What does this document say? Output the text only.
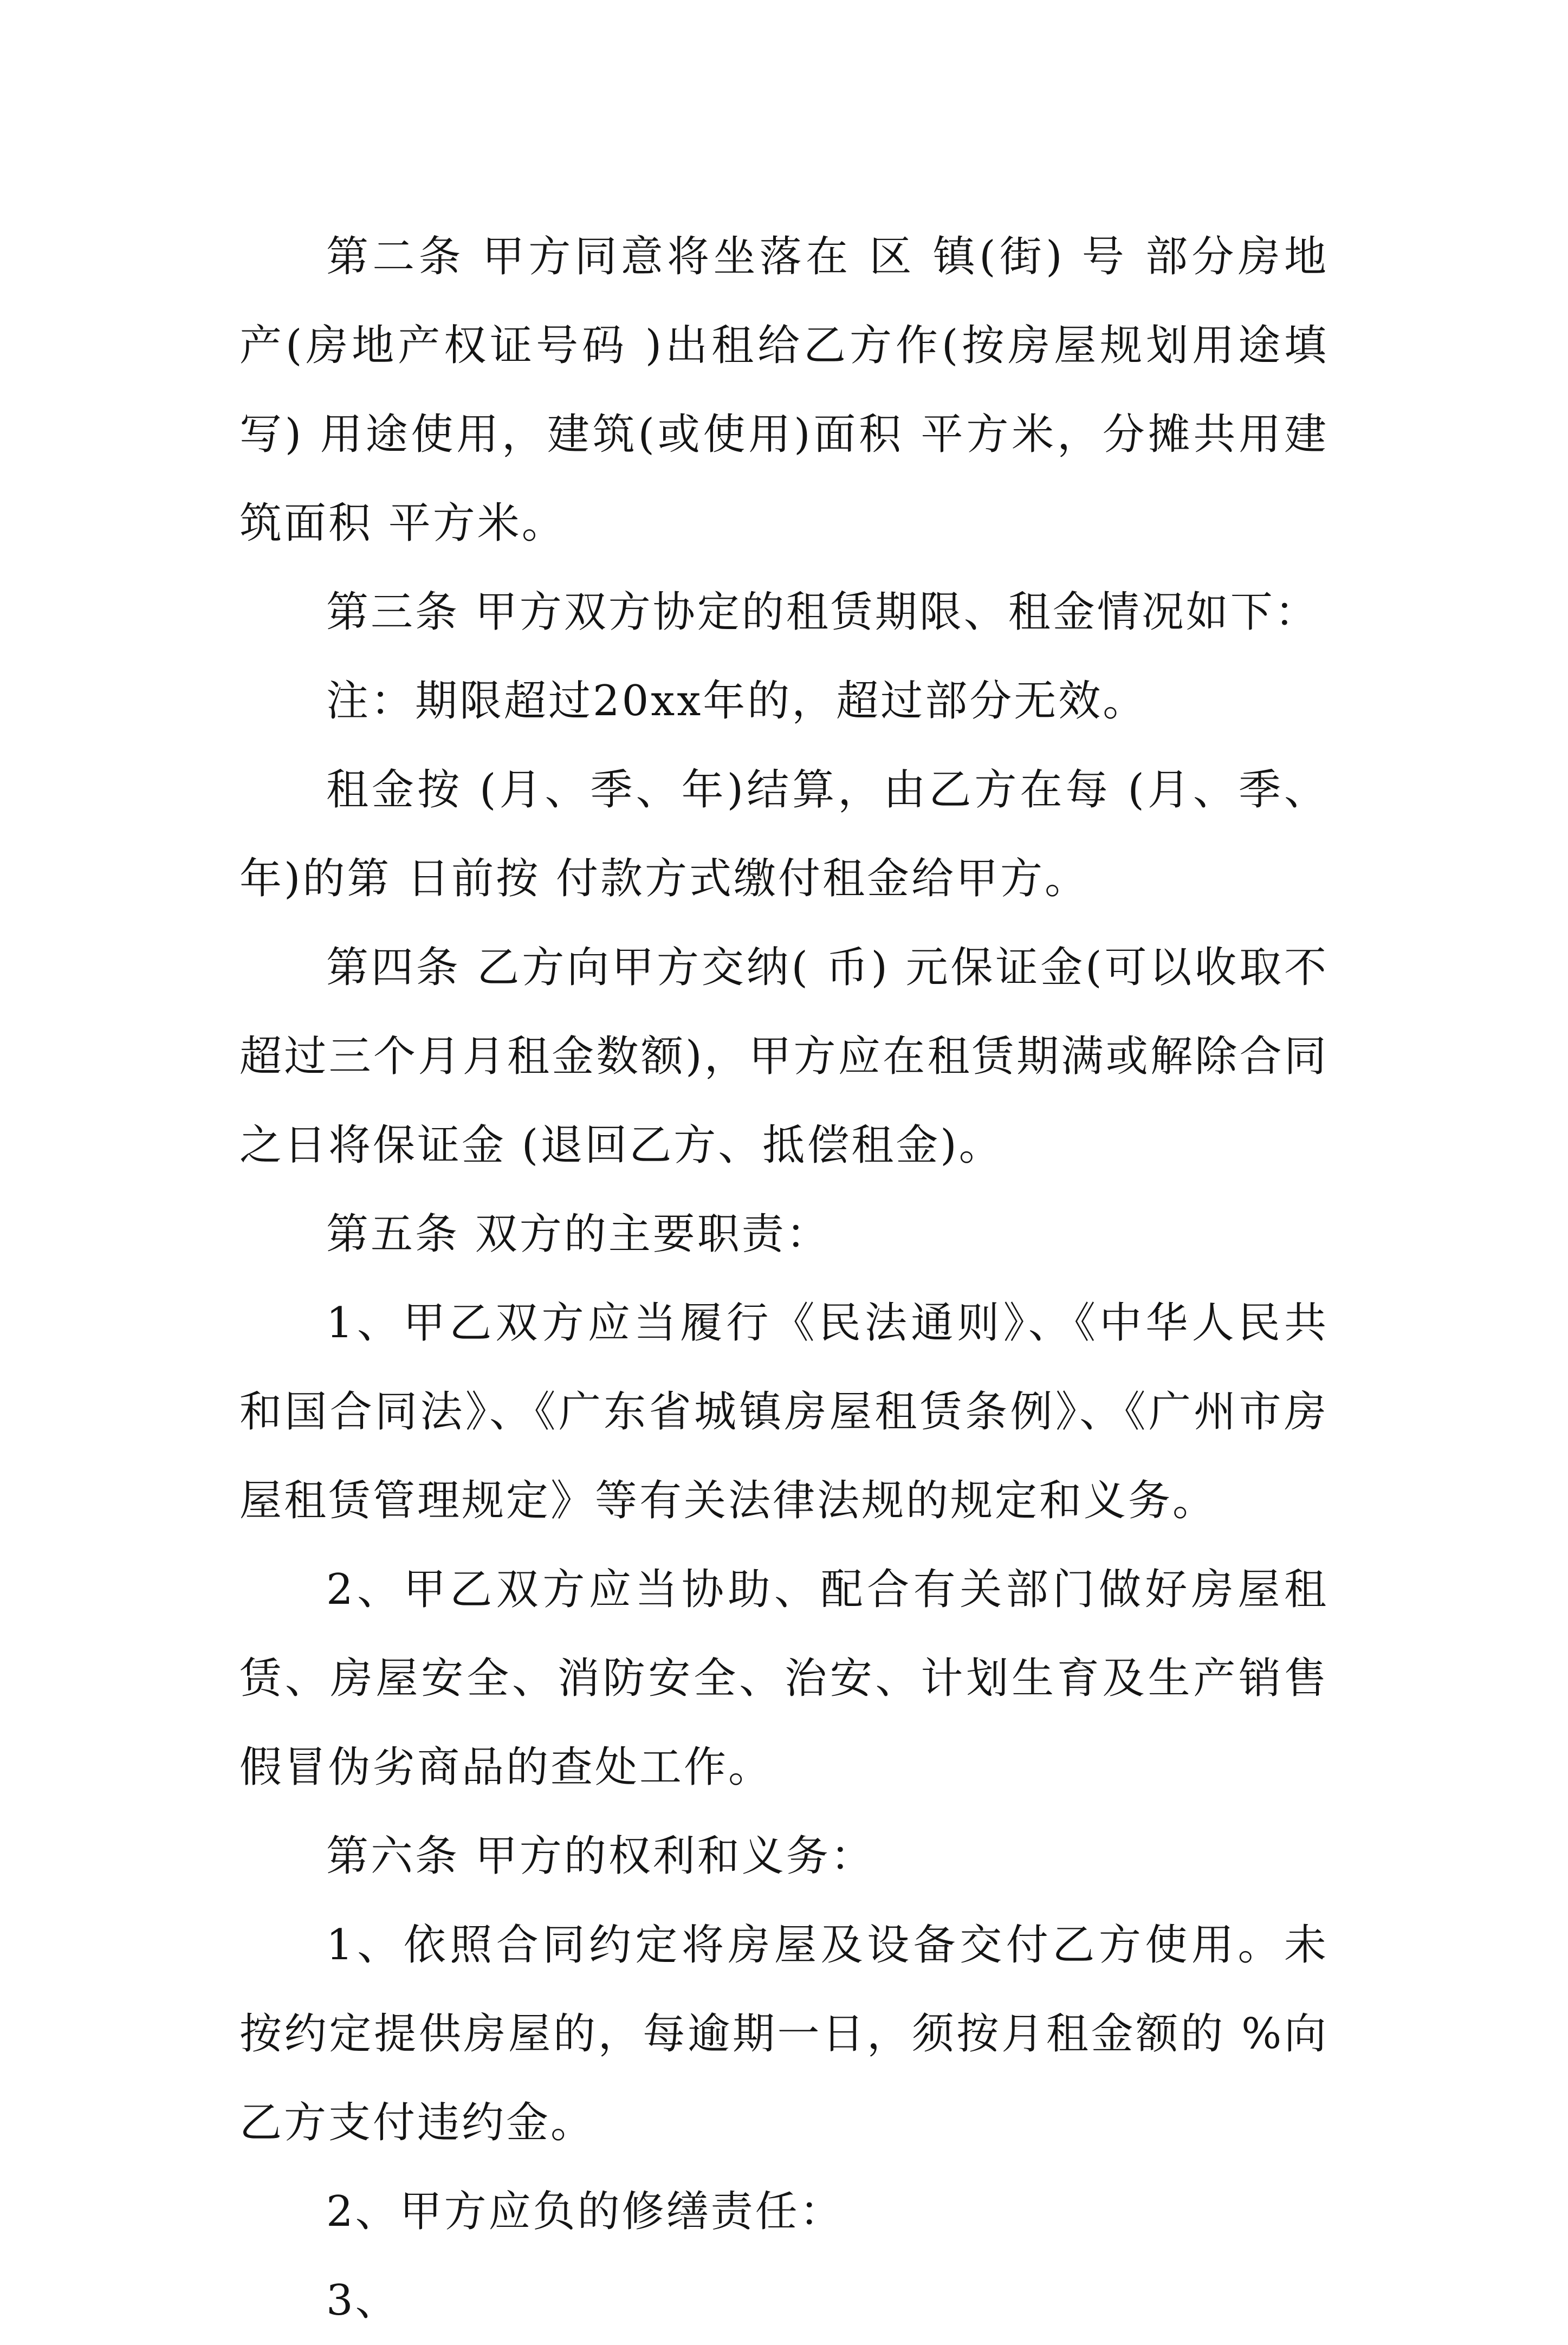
第二条 甲方同意将坐落在 区 镇(街) 号 部分房地产(房地产权证号码 )出租给乙方作(按房屋规划用途填写) 用途使用，建筑(或使用)面积 平方米，分摊共用建筑面积 平方米。

第三条 甲方双方协定的租赁期限、租金情况如下：

注：期限超过20xx年的，超过部分无效。

租金按 (月、季、年)结算，由乙方在每 (月、季、年)的第 日前按 付款方式缴付租金给甲方。

第四条 乙方向甲方交纳( 币) 元保证金(可以收取不超过三个月月租金数额)，甲方应在租赁期满或解除合同之日将保证金 (退回乙方、抵偿租金)。

第五条 双方的主要职责：

1、甲乙双方应当履行《民法通则》、《中华人民共和国合同法》、《广东省城镇房屋租赁条例》、《广州市房屋租赁管理规定》等有关法律法规的规定和义务。

2、甲乙双方应当协助、配合有关部门做好房屋租赁、房屋安全、消防安全、治安、计划生育及生产销售假冒伪劣商品的查处工作。

第六条 甲方的权利和义务：

1、依照合同约定将房屋及设备交付乙方使用。未按约定提供房屋的，每逾期一日，须按月租金额的 %向乙方支付违约金。

2、甲方应负的修缮责任：

3、
